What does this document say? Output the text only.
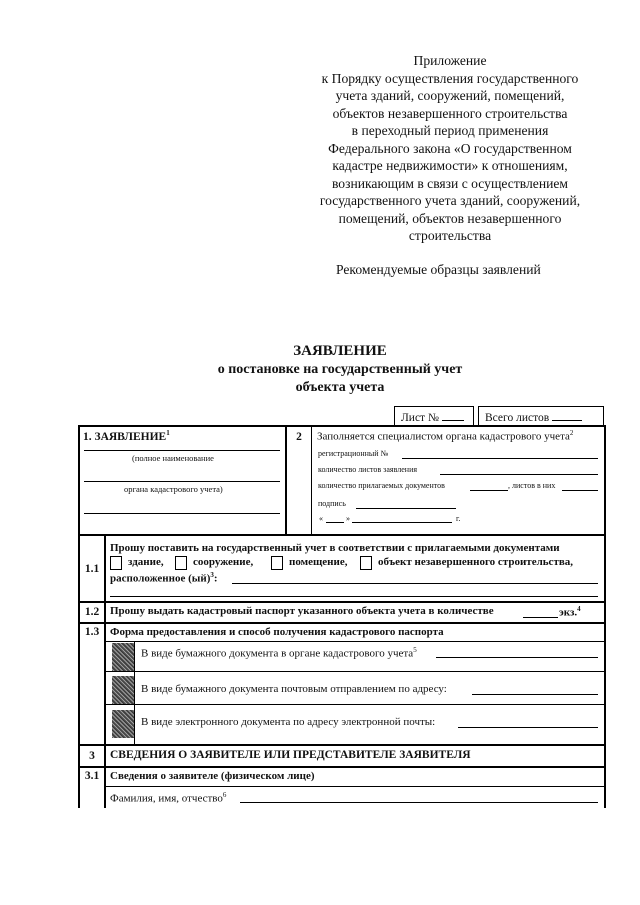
Приложение
к Порядку осуществления государственного
учета зданий, сооружений, помещений,
объектов незавершенного строительства
в переходный период применения
Федерального закона «О государственном
кадастре недвижимости» к отношениям,
возникающим в связи с осуществлением
государственного учета зданий, сооружений,
помещений, объектов незавершенного
строительства
Рекомендуемые образцы заявлений
ЗАЯВЛЕНИЕ
о постановке на государственный учет
объекта учета
Лист №	Всего листов
1. ЗАЯВЛЕНИЕ$^1$
(полное наименование
органа кадастрового учета)
2	Заполняется специалистом органа кадастрового учета$^2$
регистрационный №
количество листов заявления
количество прилагаемых документов	, листов в них
подпись
«	»	г.
1.1
Прошу поставить на государственный учет в соответствии с прилагаемыми документами
здание,	сооружение,	помещение,	объект незавершенного строительства,
расположенное (ый)$^3$:
1.2 Прошу выдать кадастровый паспорт указанного объекта учета в количестве	экз.$^4$
1.3 Форма предоставления и способ получения кадастрового паспорта
В виде бумажного документа в органе кадастрового учета$^5$
В виде бумажного документа почтовым отправлением по адресу:
В виде электронного документа по адресу электронной почты:
3	СВЕДЕНИЯ О ЗАЯВИТЕЛЕ ИЛИ ПРЕДСТАВИТЕЛЕ ЗАЯВИТЕЛЯ
3.1 Сведения о заявителе (физическом лице)
Фамилия, имя, отчество$^6$
